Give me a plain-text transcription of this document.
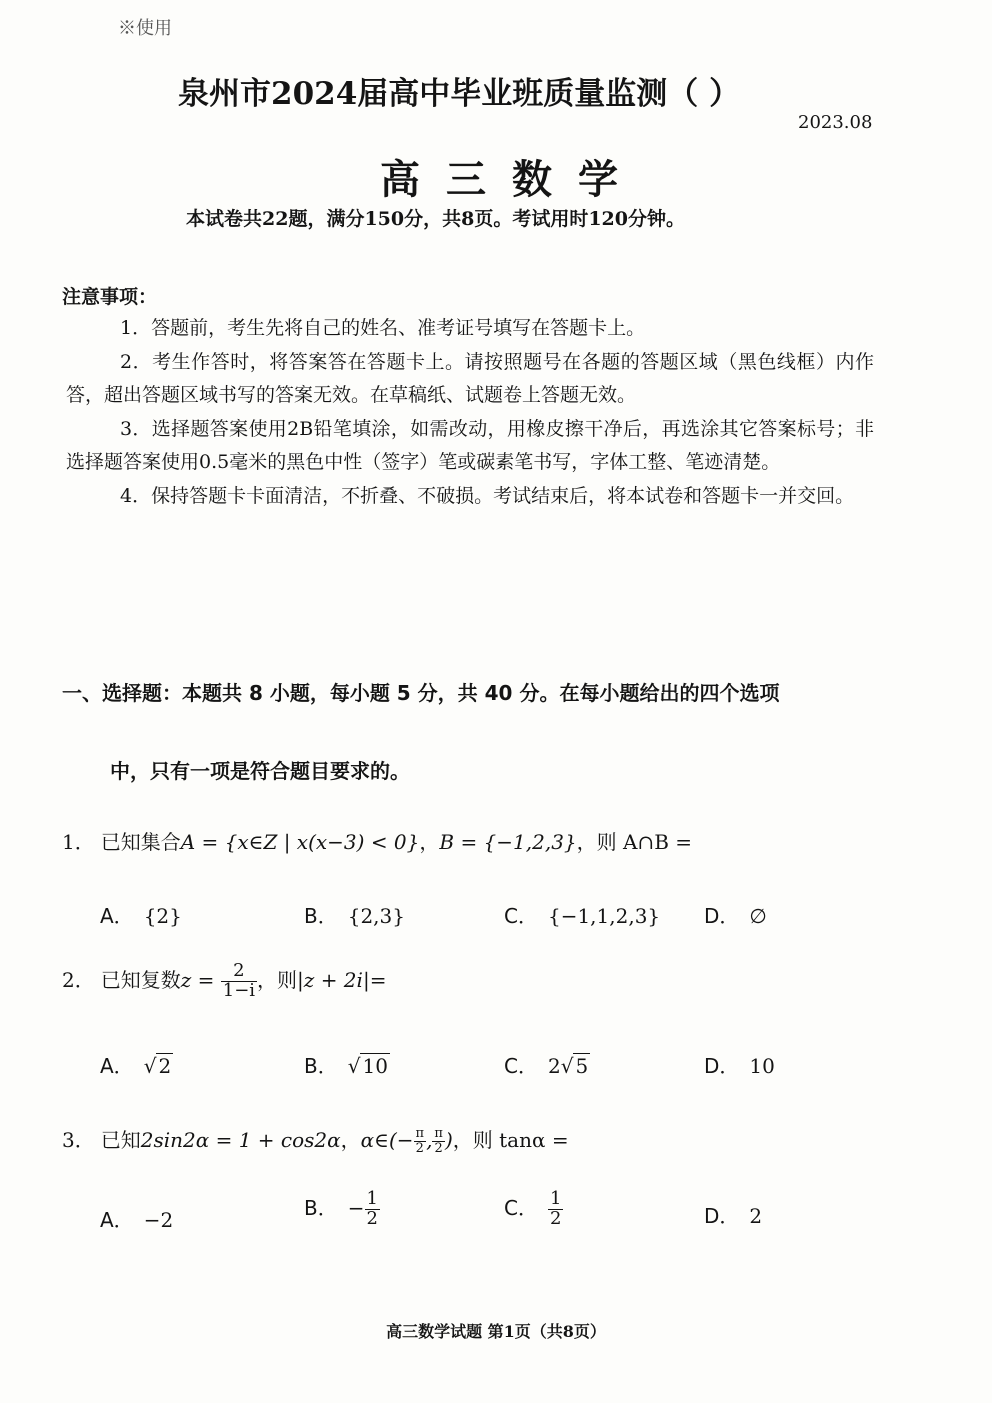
※使用
泉州市2024届高中毕业班质量监测（ ）
2023.08
高三数学
本试卷共22题，满分150分，共8页。考试用时120分钟。
注意事项：

1．答题前，考生先将自己的姓名、准考证号填写在答题卡上。

2．考生作答时，将答案答在答题卡上。请按照题号在各题的答题区域（黑色线框）内作答，超出答题区域书写的答案无效。在草稿纸、试题卷上答题无效。

3．选择题答案使用2B铅笔填涂，如需改动，用橡皮擦干净后，再选涂其它答案标号；非选择题答案使用0.5毫米的黑色中性（签字）笔或碳素笔书写，字体工整、笔迹清楚。

4．保持答题卡卡面清洁，不折叠、不破损。考试结束后，将本试卷和答题卡一并交回。

一、选择题：本题共 8 小题，每小题 5 分，共 40 分。在每小题给出的四个选项
中，只有一项是符合题目要求的。
1． 已知集合A = {x∈Z | x(x−3) < 0}，B = {−1,2,3}，则 A∩B =
A． {2}	B． {2,3}	C． {−1,1,2,3} D． ∅
2． 已知复数$z = \frac{2}{1-i}$ ，则|z + 2i|=
A． √ 2	B． √ 10	C． 2√ 5	D． 10
3． 已知2sin2α = 1 + cos2α，α∈(− $\frac{\pi}{2}$ , $\frac{\pi}{2}$ )，则 tanα =
A． −2
B． − $\frac{1}{2}$	C． $\frac{1}{2}$	D． 2
高三数学试题 第1页（共8页）
